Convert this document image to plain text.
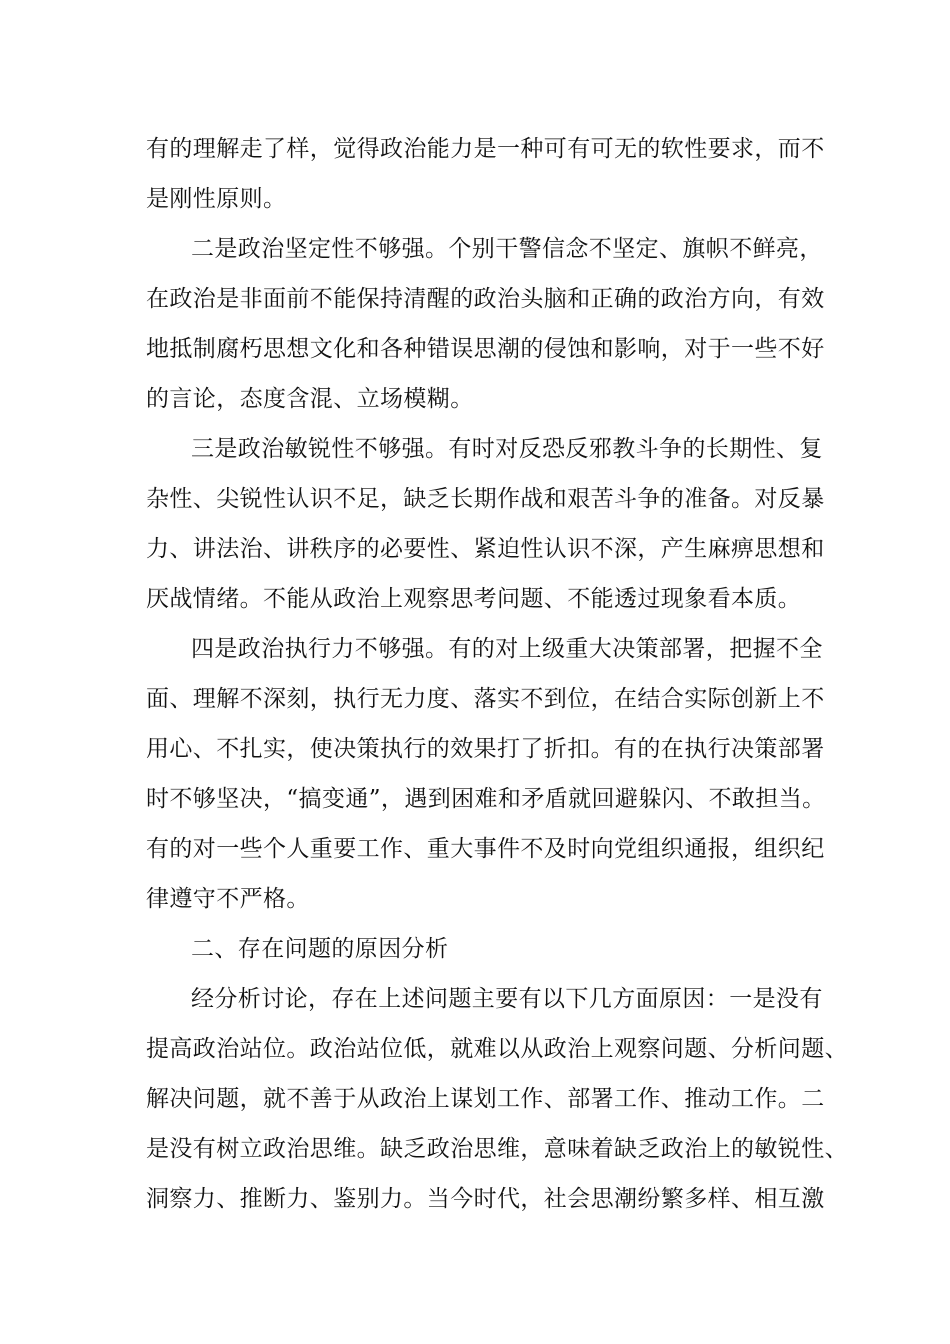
有的理解走了样，觉得政治能力是一种可有可无的软性要求，而不
是刚性原则。
二是政治坚定性不够强。个别干警信念不坚定、旗帜不鲜亮，
在政治是非面前不能保持清醒的政治头脑和正确的政治方向，有效
地抵制腐朽思想文化和各种错误思潮的侵蚀和影响，对于一些不好
的言论，态度含混、立场模糊。
三是政治敏锐性不够强。有时对反恐反邪教斗争的长期性、复
杂性、尖锐性认识不足，缺乏长期作战和艰苦斗争的准备。对反暴
力、讲法治、讲秩序的必要性、紧迫性认识不深，产生麻痹思想和
厌战情绪。不能从政治上观察思考问题、不能透过现象看本质。
四是政治执行力不够强。有的对上级重大决策部署，把握不全
面、理解不深刻，执行无力度、落实不到位，在结合实际创新上不
用心、不扎实，使决策执行的效果打了折扣。有的在执行决策部署
时不够坚决，“搞变通”，遇到困难和矛盾就回避躲闪、不敢担当。
有的对一些个人重要工作、重大事件不及时向党组织通报，组织纪
律遵守不严格。
二、存在问题的原因分析
经分析讨论，存在上述问题主要有以下几方面原因：一是没有
提高政治站位。政治站位低，就难以从政治上观察问题、分析问题、
解决问题，就不善于从政治上谋划工作、部署工作、推动工作。二
是没有树立政治思维。缺乏政治思维，意味着缺乏政治上的敏锐性、
洞察力、推断力、鉴别力。当今时代，社会思潮纷繁多样、相互激
